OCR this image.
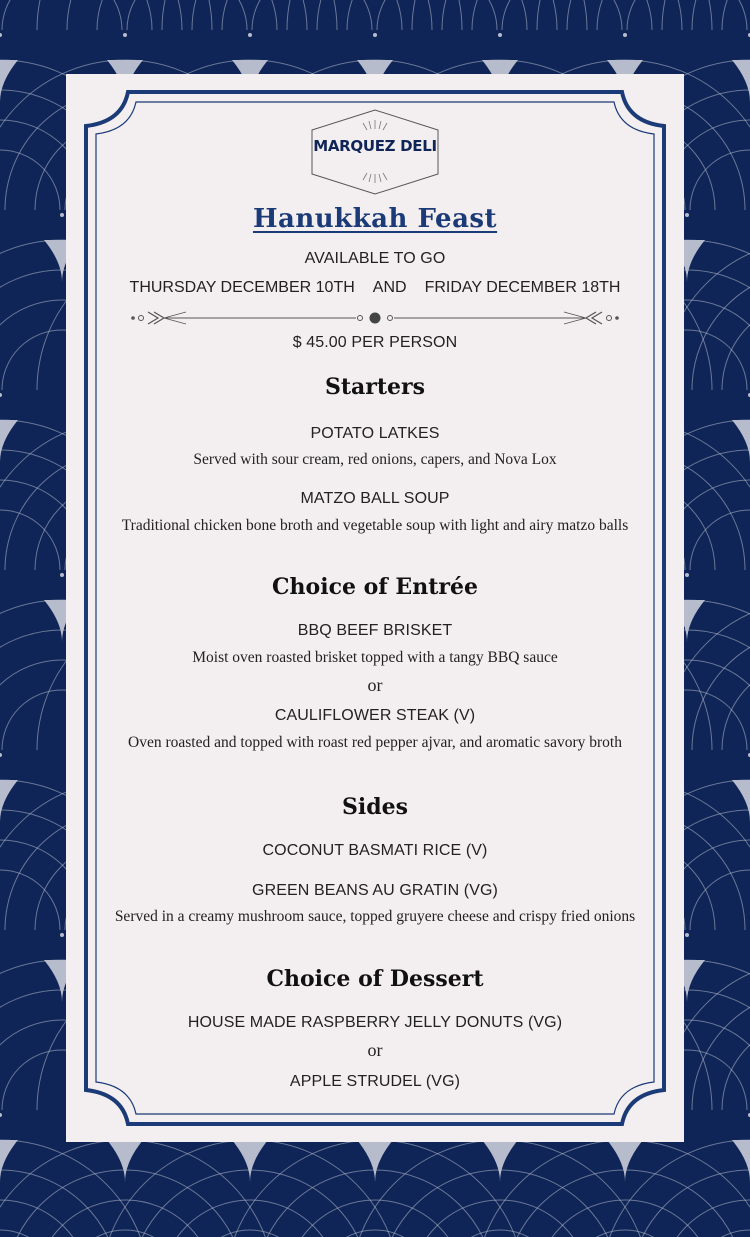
MARQUEZ DELI
Hanukkah Feast
AVAILABLE TO GO
THURSDAY DECEMBER 10TH AND FRIDAY DECEMBER 18TH
$ 45.00 PER PERSON
Starters
POTATO LATKES
Served with sour cream, red onions, capers, and Nova Lox
MATZO BALL SOUP
Traditional chicken bone broth and vegetable soup with light and airy matzo balls
Choice of Entrée
BBQ BEEF BRISKET
Moist oven roasted brisket topped with a tangy BBQ sauce
or
CAULIFLOWER STEAK (V)
Oven roasted and topped with roast red pepper ajvar, and aromatic savory broth
Sides
COCONUT BASMATI RICE (V)
GREEN BEANS AU GRATIN (VG)
Served in a creamy mushroom sauce, topped gruyere cheese and crispy fried onions
Choice of Dessert
HOUSE MADE RASPBERRY JELLY DONUTS (VG)
or
APPLE STRUDEL (VG)
